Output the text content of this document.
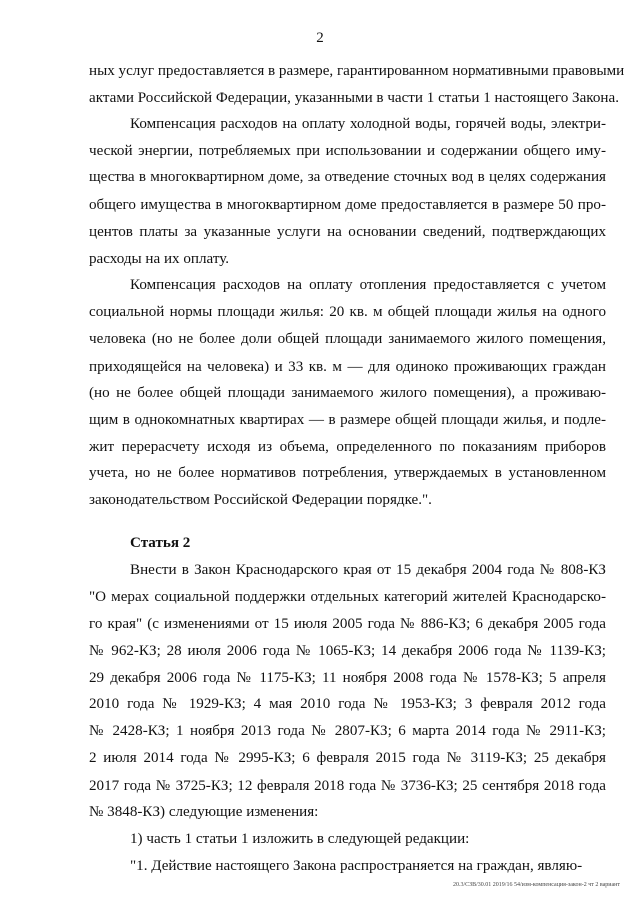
2
ных услуг предоставляется в размере, гарантированном нормативными правовыми
актами Российской Федерации, указанными в части 1 статьи 1 настоящего Закона.
Компенсация расходов на оплату холодной воды, горячей воды, электри-
ческой энергии, потребляемых при использовании и содержании общего иму-
щества в многоквартирном доме, за отведение сточных вод в целях содержания
общего имущества в многоквартирном доме предоставляется в размере 50 про-
центов платы за указанные услуги на основании сведений, подтверждающих
расходы на их оплату.
Компенсация расходов на оплату отопления предоставляется с учетом
социальной нормы площади жилья: 20 кв. м общей площади жилья на одного
человека (но не более доли общей площади занимаемого жилого помещения,
приходящейся на человека) и 33 кв. м — для одиноко проживающих граждан
(но не более общей площади занимаемого жилого помещения), а проживаю-
щим в однокомнатных квартирах — в размере общей площади жилья, и подле-
жит перерасчету исходя из объема, определенного по показаниям приборов
учета, но не более нормативов потребления, утверждаемых в установленном
законодательством Российской Федерации порядке.".
Статья 2
Внести в Закон Краснодарского края от 15 декабря 2004 года № 808-КЗ
"О мерах социальной поддержки отдельных категорий жителей Краснодарско-
го края" (с изменениями от 15 июля 2005 года № 886-КЗ; 6 декабря 2005 года
№ 962-КЗ; 28 июля 2006 года № 1065-КЗ; 14 декабря 2006 года № 1139-КЗ;
29 декабря 2006 года № 1175-КЗ; 11 ноября 2008 года № 1578-КЗ; 5 апреля
2010 года № 1929-КЗ; 4 мая 2010 года № 1953-КЗ; 3 февраля 2012 года
№ 2428-КЗ; 1 ноября 2013 года № 2807-КЗ; 6 марта 2014 года № 2911-КЗ;
2 июля 2014 года № 2995-КЗ; 6 февраля 2015 года № 3119-КЗ; 25 декабря
2017 года № 3725-КЗ; 12 февраля 2018 года № 3736-КЗ; 25 сентября 2018 года
№ 3848-КЗ) следующие изменения:
1) часть 1 статьи 1 изложить в следующей редакции:
"1. Действие настоящего Закона распространяется на граждан, являю-
20.3/СЗВ/30.01 2019/16 54/изм-компенсация-закон-2 чт 2 вариант
